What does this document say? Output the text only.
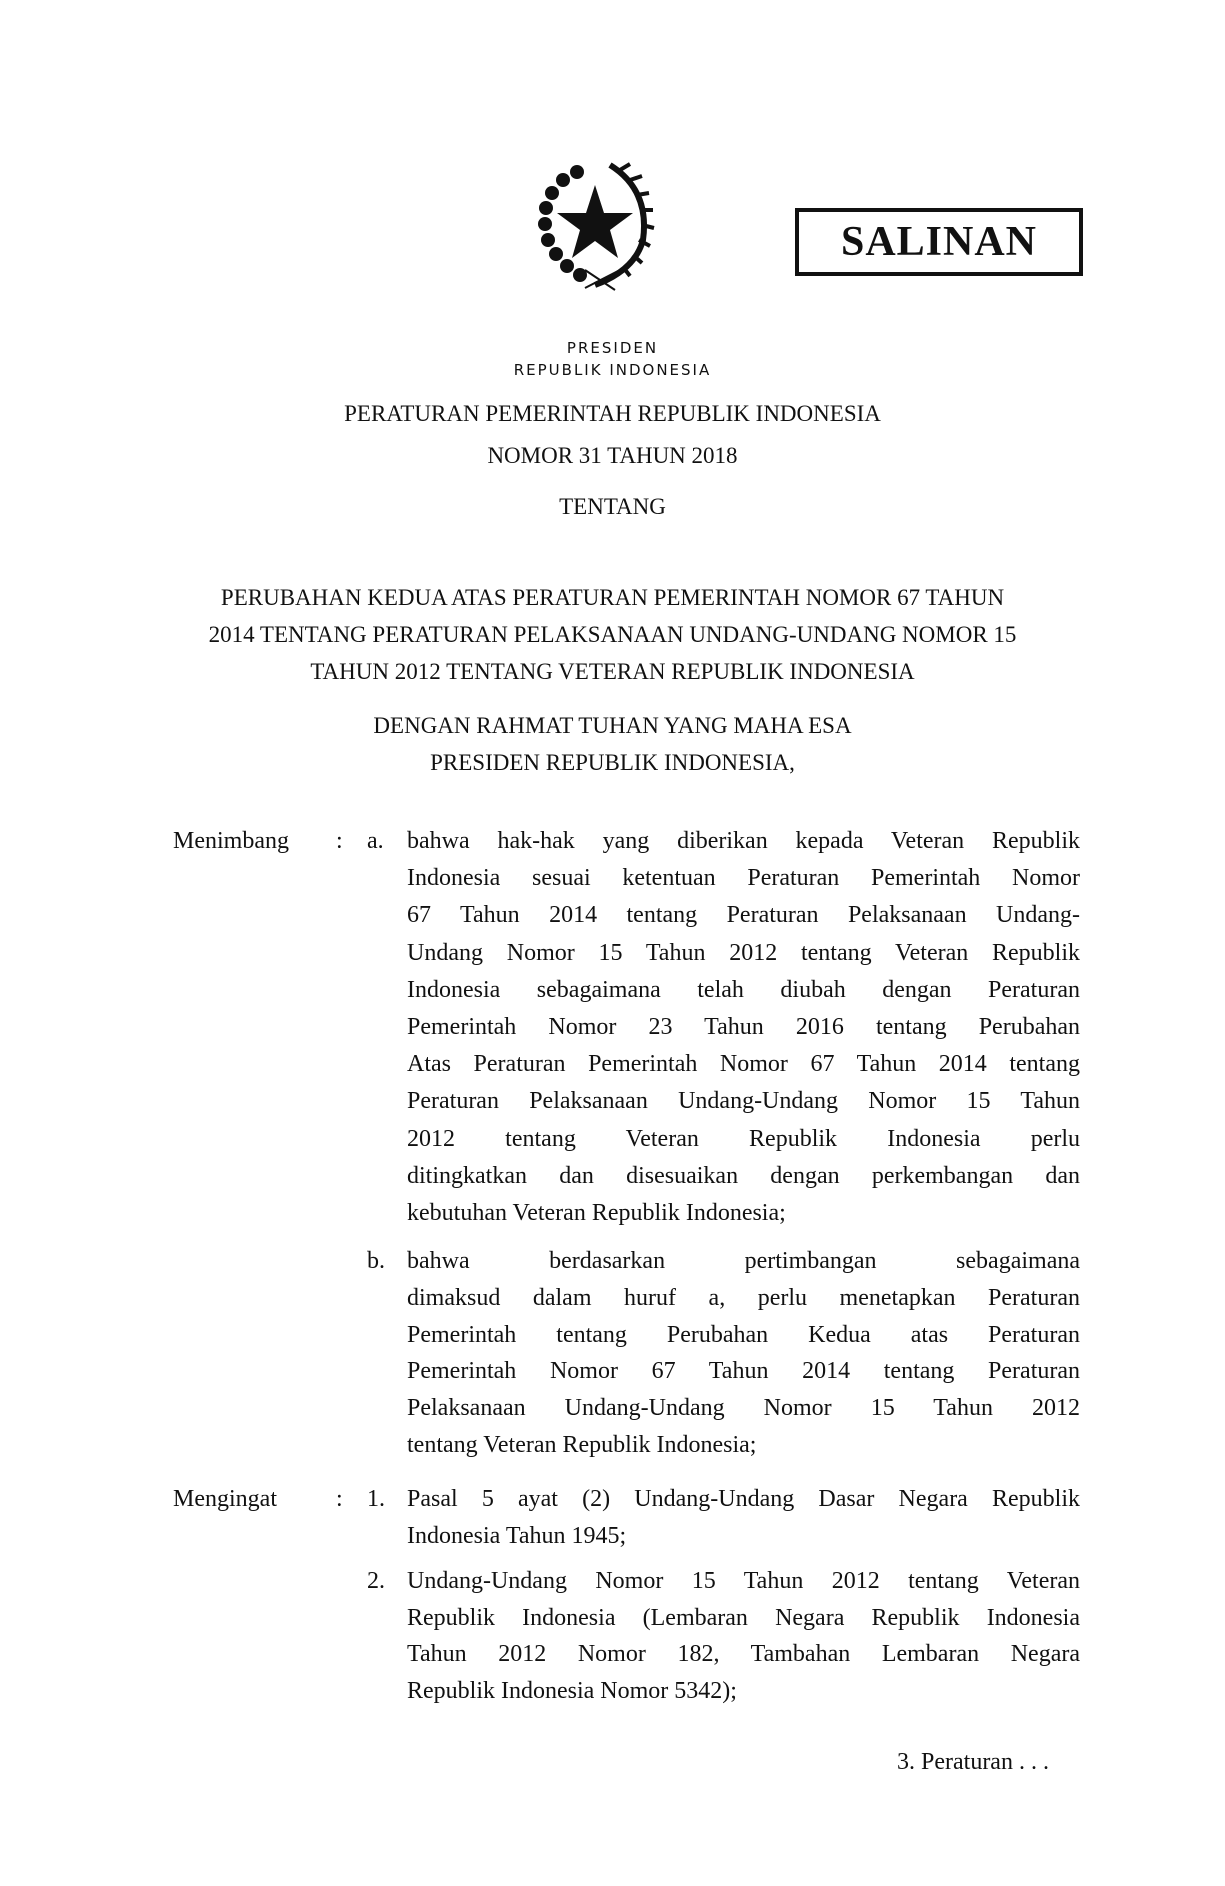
SALINAN
PRESIDEN
REPUBLIK INDONESIA
PERATURAN PEMERINTAH REPUBLIK INDONESIA
NOMOR 31 TAHUN 2018
TENTANG
PERUBAHAN KEDUA ATAS PERATURAN PEMERINTAH NOMOR 67 TAHUN
2014 TENTANG PERATURAN PELAKSANAAN UNDANG-UNDANG NOMOR 15
TAHUN 2012 TENTANG VETERAN REPUBLIK INDONESIA
DENGAN RAHMAT TUHAN YANG MAHA ESA
PRESIDEN REPUBLIK INDONESIA,
Menimbang : a. bahwa hak-hak yang diberikan kepada Veteran Republik
Indonesia sesuai ketentuan Peraturan Pemerintah Nomor
67 Tahun 2014 tentang Peraturan Pelaksanaan Undang-
Undang Nomor 15 Tahun 2012 tentang Veteran Republik
Indonesia sebagaimana telah diubah dengan Peraturan
Pemerintah Nomor 23 Tahun 2016 tentang Perubahan
Atas Peraturan Pemerintah Nomor 67 Tahun 2014 tentang
Peraturan Pelaksanaan Undang-Undang Nomor 15 Tahun
2012 tentang Veteran Republik Indonesia perlu
ditingkatkan dan disesuaikan dengan perkembangan dan
kebutuhan Veteran Republik Indonesia;
b. bahwa berdasarkan pertimbangan sebagaimana
dimaksud dalam huruf a, perlu menetapkan Peraturan
Pemerintah tentang Perubahan Kedua atas Peraturan
Pemerintah Nomor 67 Tahun 2014 tentang Peraturan
Pelaksanaan Undang-Undang Nomor 15 Tahun 2012
tentang Veteran Republik Indonesia;
Mengingat : 1. Pasal 5 ayat (2) Undang-Undang Dasar Negara Republik
Indonesia Tahun 1945;
2. Undang-Undang Nomor 15 Tahun 2012 tentang Veteran
Republik Indonesia (Lembaran Negara Republik Indonesia
Tahun 2012 Nomor 182, Tambahan Lembaran Negara
Republik Indonesia Nomor 5342);
3. Peraturan . . .
